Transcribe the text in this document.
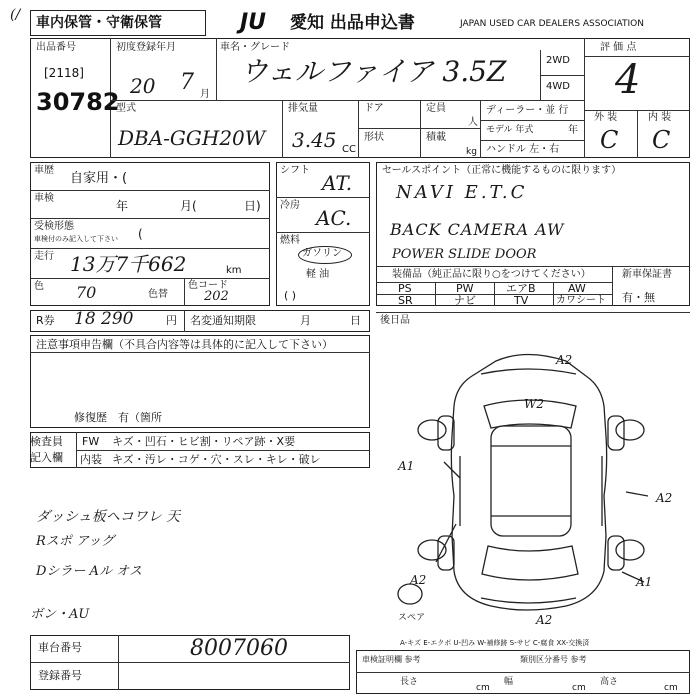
車内保管・守衛保管	JU 愛知 出品申込書	JAPAN USED CAR DEALERS ASSOCIATION
(/
出品番号
[2118]
30782
初度登録年月
20 7 月
車名・グレード
ウェルファイア 3.5Z	2WD
4WD
評 価 点
4
外 装	内 装
C C
型式
DBA-GGH20W
排気量
3.45 CC
ドア
形状
定員
人
積載
kg
ディーラー・並 行
モデル 年式	年
ハンドル 左・右
車歴
自家用・(
車検
年	月(	日)
受検形態
車検付のみ記入して下さい (
走行 13万7千662	km
色 70	色替
色コード
202
シフト
AT.
冷房
AC.
燃料
ガソリン
軽 油
( )
セールスポイント（正常に機能するものに限ります）
NAVI E.T.C
BACK CAMERA AW
POWER SLIDE DOOR
装備品（純正品に限り○をつけてください）	新車保証書
有・無
PS	PW	エアB	AW
SR	ナビ	TV	カワシート
R券 18 290	円 名変通知期限	月	日
注意事項申告欄（不具合内容等は具体的に記入して下さい）
修復歴　有（箇所
検査員
記入欄
FW キズ・凹石・ヒビ割・リペア跡・X要
内装 キズ・汚レ・コゲ・穴・スレ・キレ・破レ
ダッシュ板ヘコワレ 天
Rスポ アッグ
Dシラー Aル オス
ボン・AU
車台番号	8007060
登録番号
A2
W2
A1
A2
A2	A1
A2
スペア
A-キズ E-エクボ U-凹み W-補修跡 S-サビ C-腐食 XX-交換済
車検証明欄 参考	類別区分番号 参考
長さ	幅	高さ
cm	cm	cm
後日品
